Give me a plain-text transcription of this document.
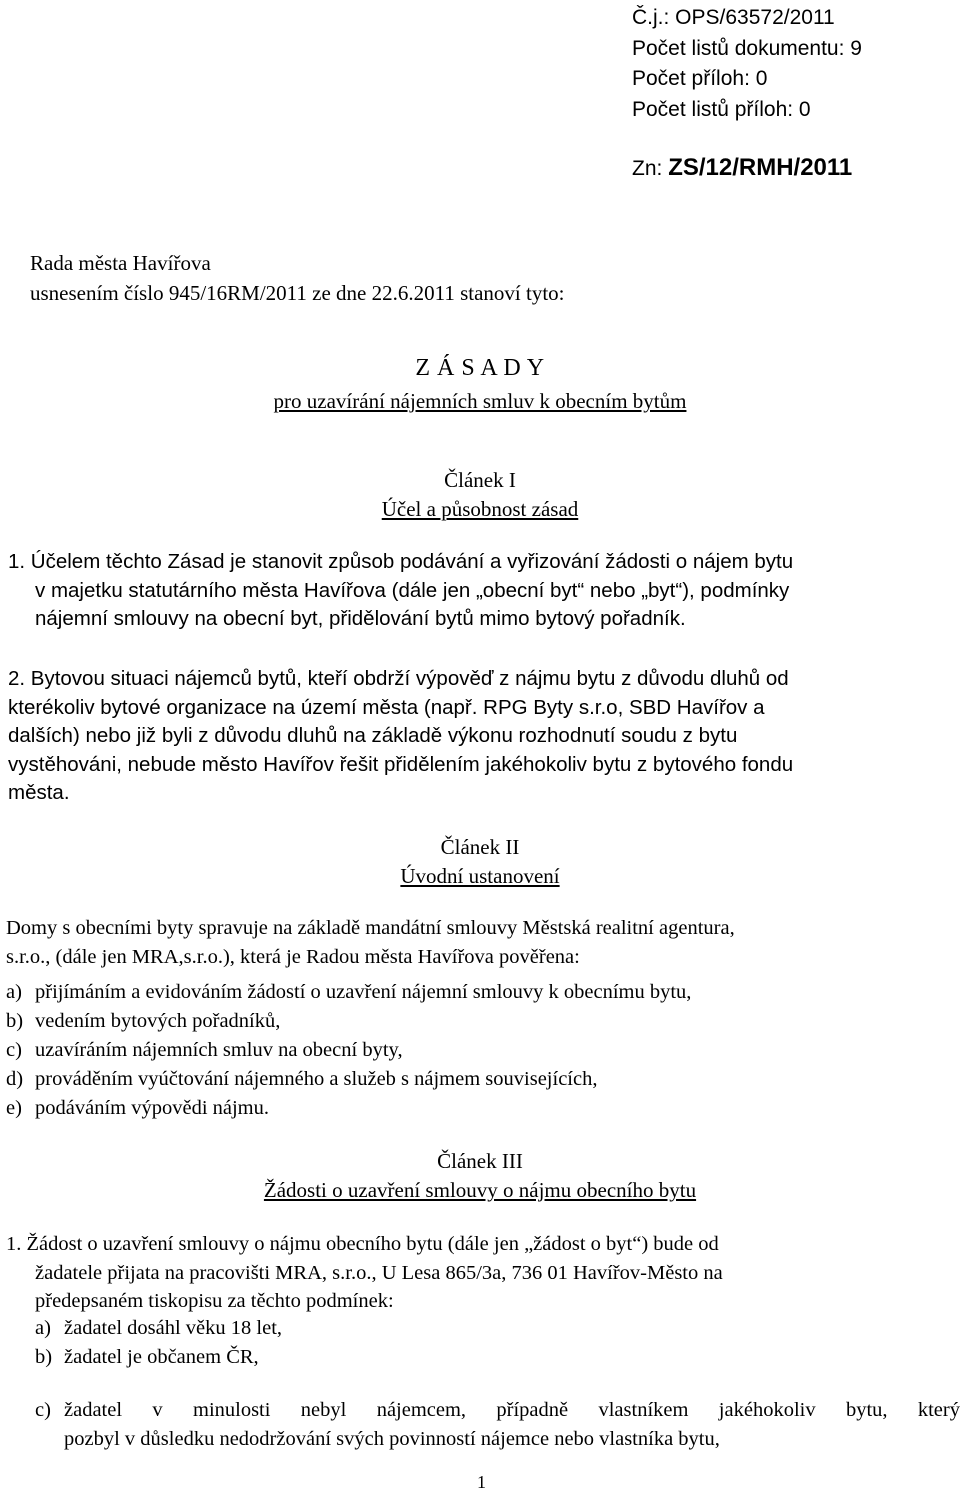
Č.j.: OPS/63572/2011
Počet listů dokumentu: 9
Počet příloh: 0
Počet listů příloh: 0
Zn: ZS/12/RMH/2011
Rada města Havířova
usnesením číslo 945/16RM/2011 ze dne 22.6.2011 stanoví tyto:
Z Á S A D Y
pro uzavírání nájemních smluv k obecním bytům
Článek I
Účel a působnost zásad
1. Účelem těchto Zásad je stanovit způsob podávání a vyřizování žádosti o nájem bytu
v majetku statutárního města Havířova (dále jen „obecní byt“ nebo „byt“), podmínky
nájemní smlouvy na obecní byt, přidělování bytů mimo bytový pořadník.
2. Bytovou situaci nájemců bytů, kteří obdrží výpověď z nájmu bytu z důvodu dluhů od
kterékoliv bytové organizace na území města (např. RPG Byty s.r.o, SBD Havířov a
dalších) nebo již byli z důvodu dluhů na základě výkonu rozhodnutí soudu z bytu
vystěhováni, nebude město Havířov řešit přidělením jakéhokoliv bytu z bytového fondu
města.
Článek II
Úvodní ustanovení
Domy s obecními byty spravuje na základě mandátní smlouvy Městská realitní agentura,
s.r.o., (dále jen MRA,s.r.o.), která je Radou města Havířova pověřena:
a) přijímáním a evidováním žádostí o uzavření nájemní smlouvy k obecnímu bytu,
b) vedením bytových pořadníků,
c) uzavíráním nájemních smluv na obecní byty,
d) prováděním vyúčtování nájemného a služeb s nájmem souvisejících,
e) podáváním výpovědi nájmu.
Článek III
Žádosti o uzavření smlouvy o nájmu obecního bytu
1. Žádost o uzavření smlouvy o nájmu obecního bytu (dále jen „žádost o byt“) bude od
žadatele přijata na pracovišti MRA, s.r.o., U Lesa 865/3a, 736 01 Havířov-Město na
předepsaném tiskopisu za těchto podmínek:
a) žadatel dosáhl věku 18 let,
b) žadatel je občanem ČR,
c) žadatel v minulosti nebyl nájemcem, případně vlastníkem jakéhokoliv bytu, který
pozbyl v důsledku nedodržování svých povinností nájemce nebo vlastníka bytu,
1
